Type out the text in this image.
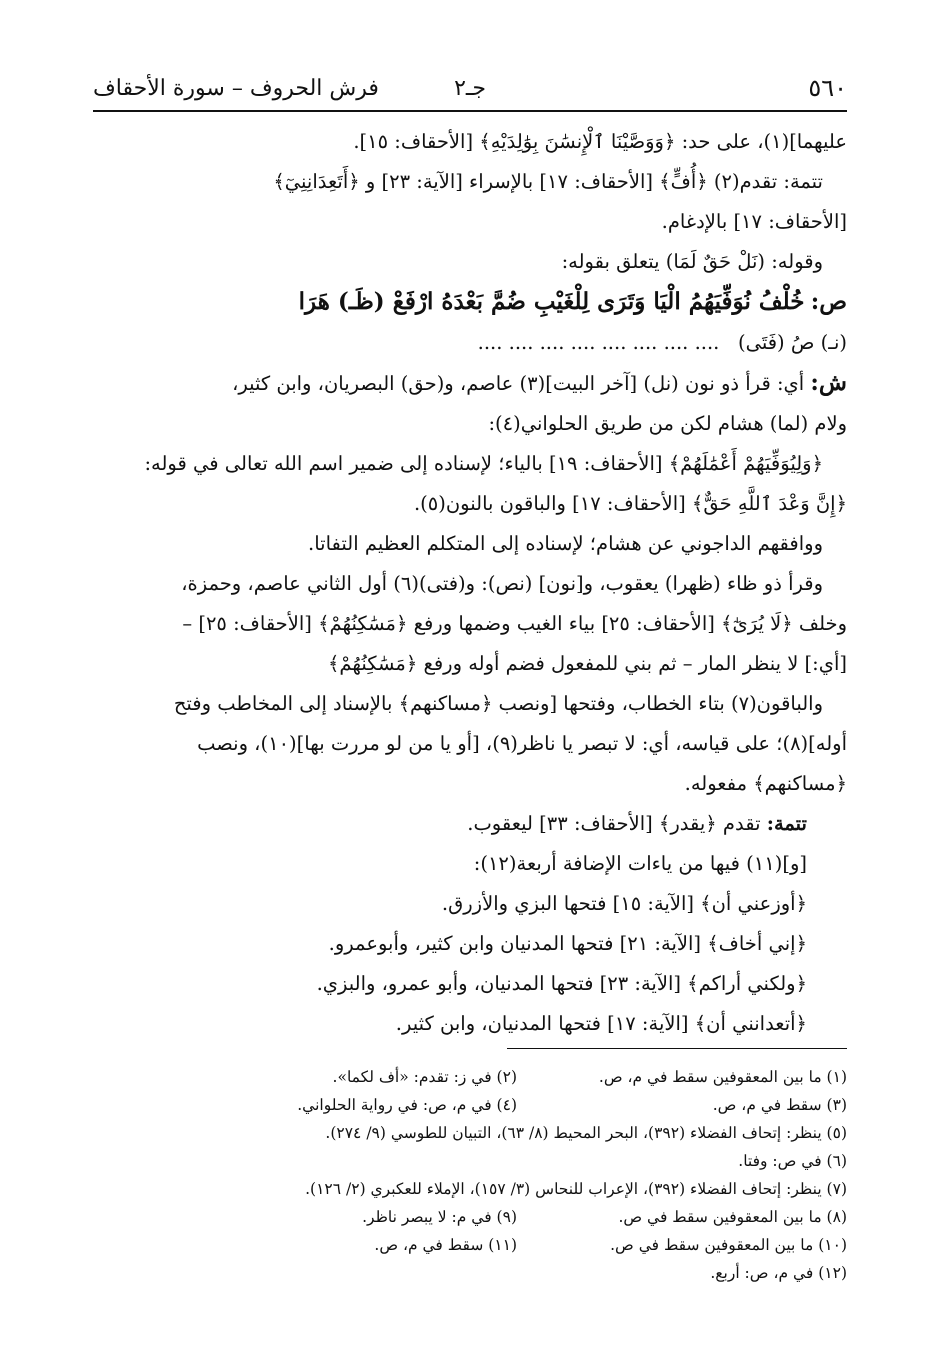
٥٦٠
جـ٢
فرش الحروف – سورة الأحقاف

عليهما](١)، على حد: ﴿وَوَصَّيْنَا ٱلْإِنسَٰنَ بِوَٰلِدَيْهِ﴾ [الأحقاف: ١٥].

تتمة: تقدم(٢) ﴿أُفٍّ﴾ [الأحقاف: ١٧] بالإسراء [الآية: ٢٣] و ﴿أَتَعِدَانِنِيٓ﴾

[الأحقاف: ١٧] بالإدغام.

وقوله: (نَلْ حَقٌ لَمَا) يتعلق بقوله:

ص: خُلْفُ نُوَفِّيَهُمُ الْيَا وَتَرَى لِلْغَيْبِ ضُمَّ بَعْدَهُ ارْفَعْ (ظَـ) هَرَا

(نـ) صُ (فَتَى)   .... .... .... .... .... .... .... ....

ش: أي: قرأ ذو نون (نل) [آخر البيت](٣) عاصم، و(حق) البصريان، وابن كثير،

ولام (لما) هشام لكن من طريق الحلواني(٤):

﴿وَلِيُوَفِّيَهُمْ أَعْمَٰلَهُمْ﴾ [الأحقاف: ١٩] بالياء؛ لإسناده إلى ضمير اسم الله تعالى في قوله:

﴿إِنَّ وَعْدَ ٱللَّهِ حَقٌّ﴾ [الأحقاف: ١٧] والباقون بالنون(٥).

ووافقهم الداجوني عن هشام؛ لإسناده إلى المتكلم العظيم التفاتا.

وقرأ ذو ظاء (ظهرا) يعقوب، و[نون] (نص): و(فتى)(٦) أول الثاني عاصم، وحمزة،

وخلف ﴿لَا يُرَىٰٓ﴾ [الأحقاف: ٢٥] بياء الغيب وضمها ورفع ﴿مَسَٰكِنُهُمْ﴾ [الأحقاف: ٢٥] –

[أي:] لا ينظر المار – ثم بني للمفعول فضم أوله ورفع ﴿مَسَٰكِنُهُمْ﴾

والباقون(٧) بتاء الخطاب، وفتحها [ونصب ﴿مساكنهم﴾ بالإسناد إلى المخاطب وفتح

أوله](٨)؛ على قياسه، أي: لا تبصر يا ناظر(٩)، [أو يا من لو مررت بها](١٠)، ونصب

﴿مساكنهم﴾ مفعوله.

تتمة: تقدم ﴿يقدر﴾ [الأحقاف: ٣٣] ليعقوب.

[و](١١) فيها من ياءات الإضافة أربعة(١٢):

﴿أوزعني أن﴾ [الآية: ١٥] فتحها البزي والأزرق.

﴿إني أخاف﴾ [الآية: ٢١] فتحها المدنيان وابن كثير، وأبوعمرو.

﴿ولكني أراكم﴾ [الآية: ٢٣] فتحها المدنيان، وأبو عمرو، والبزي.

﴿أتعدانني أن﴾ [الآية: ١٧] فتحها المدنيان، وابن كثير.

(١) ما بين المعقوفين سقط في م، ص.
(٢) في ز: تقدم: «أف لكما».
(٣) سقط في م، ص.
(٤) في م، ص: في رواية الحلواني.
(٥) ينظر: إتحاف الفضلاء (٣٩٢)، البحر المحيط (٨/ ٦٣)، التبيان للطوسي (٩/ ٢٧٤).
(٦) في ص: وفتا.
(٧) ينظر: إتحاف الفضلاء (٣٩٢)، الإعراب للنحاس (٣/ ١٥٧)، الإملاء للعكبري (٢/ ١٢٦).
(٨) ما بين المعقوفين سقط في ص.
(٩) في م: لا يبصر ناظر.
(١٠) ما بين المعقوفين سقط في ص.
(١١) سقط في م، ص.
(١٢) في م، ص: أربع.
